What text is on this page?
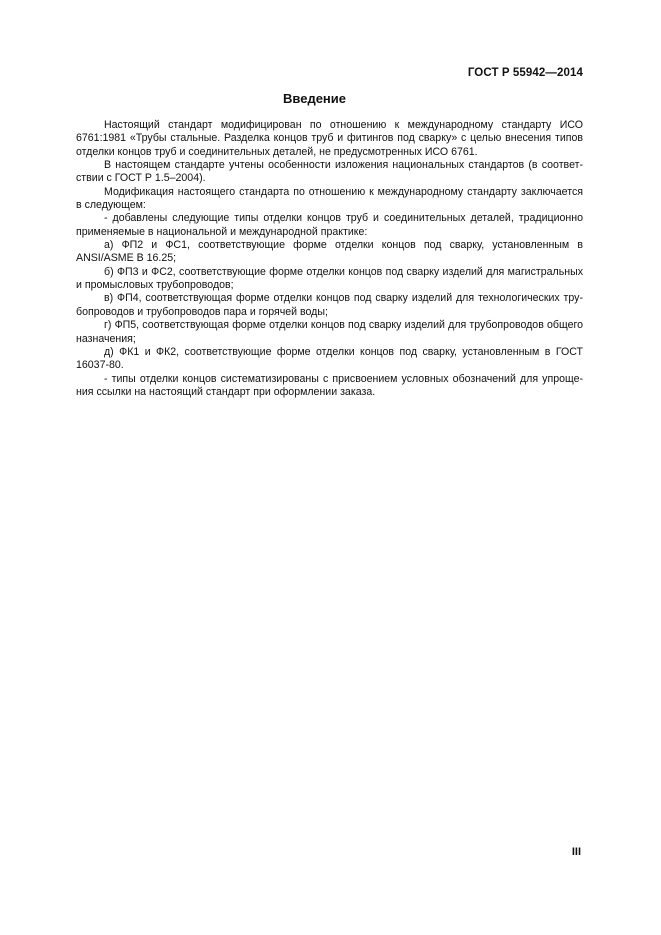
ГОСТ Р 55942—2014
Введение

Настоящий стандарт модифицирован по отношению к международному стандарту ИСО 6761:1981 «Трубы стальные. Разделка концов труб и фитингов под сварку» с целью внесения типов отделки концов труб и соединительных деталей, не предусмотренных ИСО 6761.

В настоящем стандарте учтены особенности изложения национальных стандартов (в соответствии с ГОСТ Р 1.5–2004).

Модификация настоящего стандарта по отношению к международному стандарту заключается в следующем:

- добавлены следующие типы отделки концов труб и соединительных деталей, традиционно применяемые в национальной и международной практике:

а) ФП2 и ФС1, соответствующие форме отделки концов под сварку, установленным в ANSI/ASME B 16.25;

б) ФП3 и ФС2, соответствующие форме отделки концов под сварку изделий для магистральных и промысловых трубопроводов;

в) ФП4, соответствующая форме отделки концов под сварку изделий для технологических трубопроводов и трубопроводов пара и горячей воды;

г) ФП5, соответствующая форме отделки концов под сварку изделий для трубопроводов общего назначения;

д) ФК1 и ФК2, соответствующие форме отделки концов под сварку, установленным в ГОСТ 16037-80.

- типы отделки концов систематизированы с присвоением условных обозначений для упрощения ссылки на настоящий стандарт при оформлении заказа.

III
